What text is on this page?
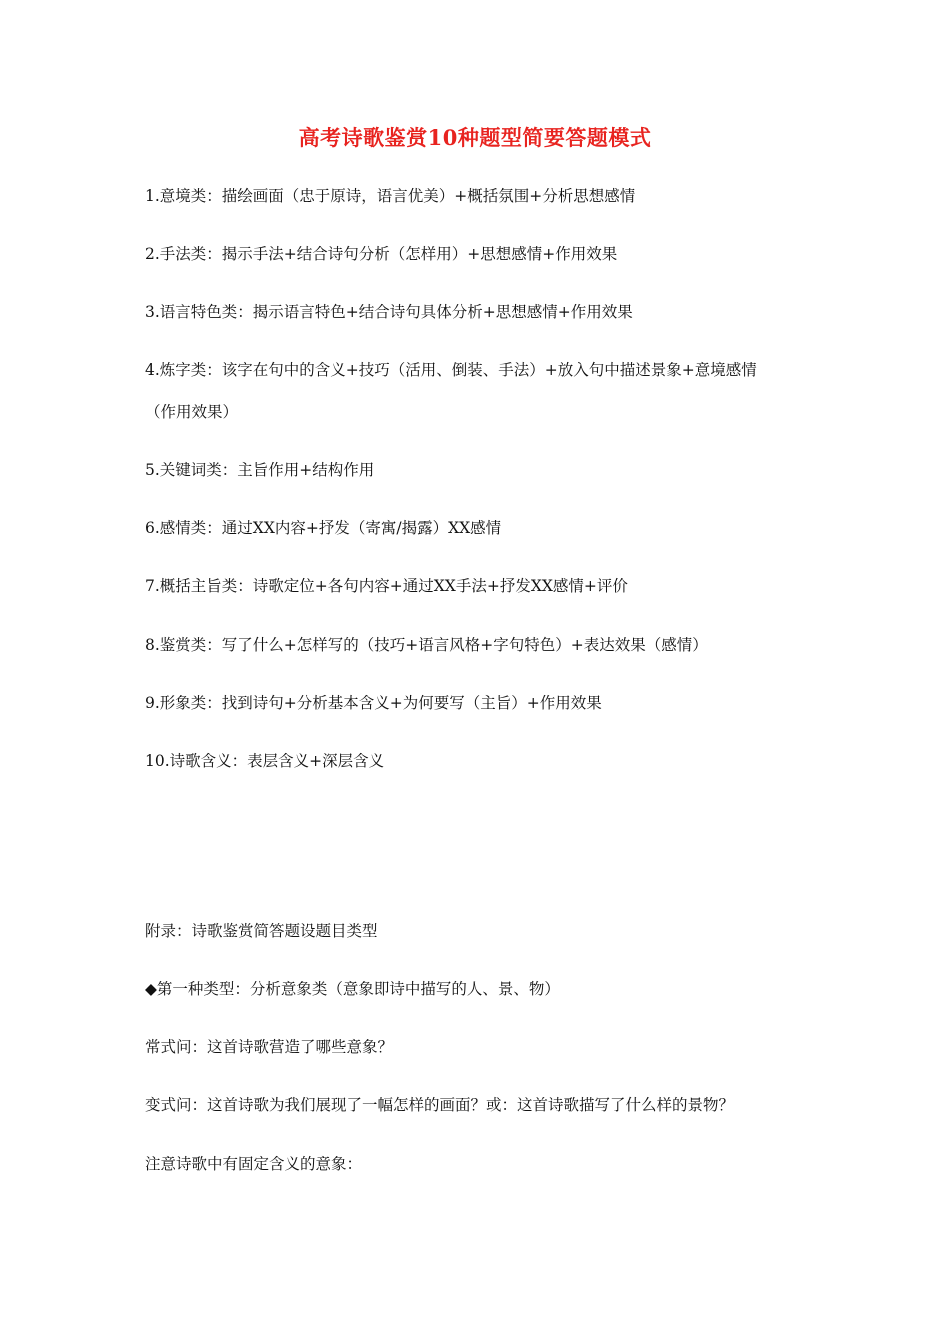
高考诗歌鉴赏10种题型简要答题模式
1.意境类：描绘画面（忠于原诗，语言优美）+概括氛围+分析思想感情
2.手法类：揭示手法+结合诗句分析（怎样用）+思想感情+作用效果
3.语言特色类：揭示语言特色+结合诗句具体分析+思想感情+作用效果
4.炼字类：该字在句中的含义+技巧（活用、倒装、手法）+放入句中描述景象+意境感情
（作用效果）
5.关键词类：主旨作用+结构作用
6.感情类：通过XX内容+抒发（寄寓/揭露）XX感情
7.概括主旨类：诗歌定位+各句内容+通过XX手法+抒发XX感情+评价
8.鉴赏类：写了什么+怎样写的（技巧+语言风格+字句特色）+表达效果（感情）
9.形象类：找到诗句+分析基本含义+为何要写（主旨）+作用效果
10.诗歌含义：表层含义+深层含义
附录：诗歌鉴赏简答题设题目类型
◆第一种类型：分析意象类（意象即诗中描写的人、景、物）
常式问：这首诗歌营造了哪些意象？
变式问：这首诗歌为我们展现了一幅怎样的画面？或：这首诗歌描写了什么样的景物？
注意诗歌中有固定含义的意象：
